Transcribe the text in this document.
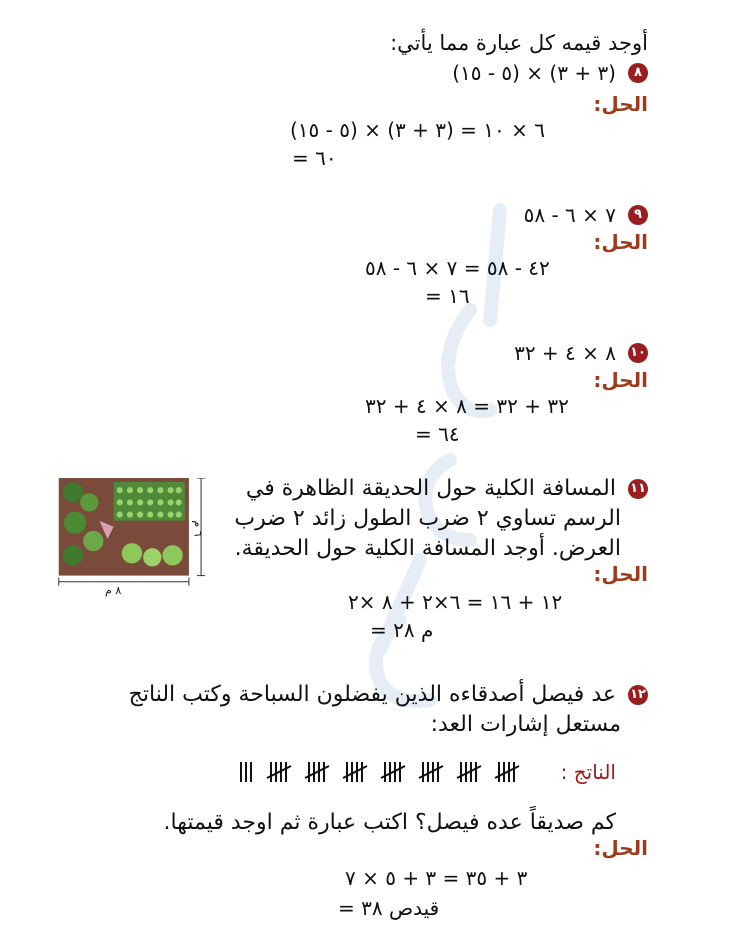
أوجد قيمه كل عبارة مما يأتي:
(١٥ - ٥) × (٣ + ٣)	٨
الحل:
(١٥ - ٥) × (٣ + ٣) = ١٠ × ٦
= ٦٠
٥٨ - ٦ × ٧	٩
الحل:
٥٨ - ٦ × ٧ = ٥٨ - ٤٢
= ١٦
٣٢ + ٤ × ٨ ١٠
الحل:
٣٢ + ٤ × ٨ = ٣٢ + ٣٢
= ٦٤
المسافة الكلية حول الحديقة الظاهرة في ١١
الرسم تساوي ٢ ضرب الطول زائد ٢ ضرب
العرض. أوجد المسافة الكلية حول الحديقة.
الحل:
٢× ٨ + ٢×٦ = ١٦ + ١٢
= ٢٨ م
٨ م
٦ م
عد فيصل أصدقاءه الذين يفضلون السباحة وكتب الناتج ١٢
مستعل إشارات العد:
الناتج :
كم صديقاً عده فيصل؟ اكتب عبارة ثم اوجد قيمتها.
الحل:
٧ × ٥ + ٣ = ٣٥ + ٣
= ٣٨ صديق
